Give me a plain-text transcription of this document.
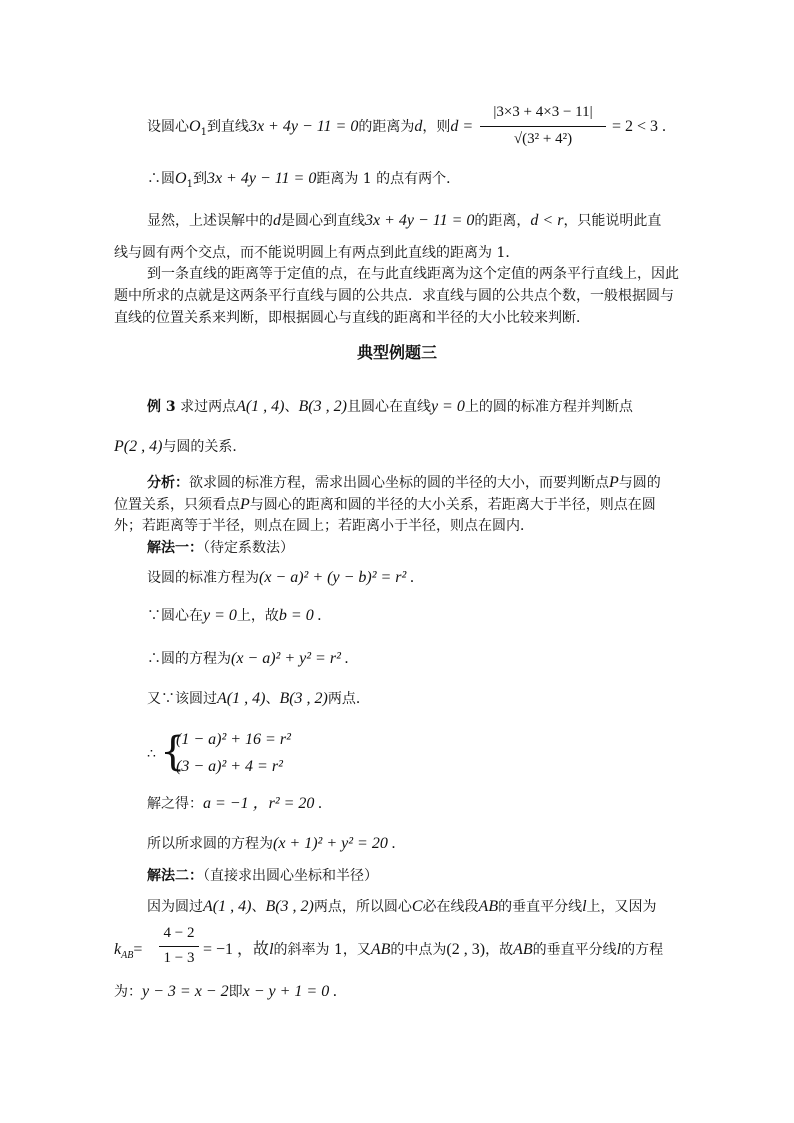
设圆心$O_1$到直线3x + 4y − 11 = 0的距离为d，则d =
|3×3 + 4×3 − 11|
√(3² + 4²)
= 2 < 3 .
∴圆$O_1$到3x + 4y − 11 = 0距离为 1 的点有两个．
显然，上述误解中的d是圆心到直线3x + 4y − 11 = 0的距离，d < r，只能说明此直
线与圆有两个交点，而不能说明圆上有两点到此直线的距离为 1．
到一条直线的距离等于定值的点，在与此直线距离为这个定值的两条平行直线上，因此
题中所求的点就是这两条平行直线与圆的公共点．求直线与圆的公共点个数，一般根据圆与
直线的位置关系来判断，即根据圆心与直线的距离和半径的大小比较来判断．
典型例题三
例 3 求过两点A(1 , 4)、B(3 , 2)且圆心在直线y = 0上的圆的标准方程并判断点
P(2 , 4)与圆的关系．
分析：欲求圆的标准方程，需求出圆心坐标的圆的半径的大小，而要判断点P与圆的
位置关系，只须看点P与圆心的距离和圆的半径的大小关系，若距离大于半径，则点在圆
外；若距离等于半径，则点在圆上；若距离小于半径，则点在圆内．
解法一：（待定系数法）
设圆的标准方程为(x − a)² + (y − b)² = r² .
∵圆心在y = 0上，故b = 0 .
∴圆的方程为(x − a)² + y² = r² .
又∵该圆过A(1 , 4)、B(3 , 2)两点．
∴ {
(1 − a)² + 16 = r²
(3 − a)² + 4 = r²
解之得：a = −1 ，r² = 20 .
所以所求圆的方程为(x + 1)² + y² = 20 .
解法二：（直接求出圆心坐标和半径）
因为圆过A(1 , 4)、B(3 , 2)两点，所以圆心C必在线段AB的垂直平分线l上，又因为
$k_{AB}=$
4 − 2
1 − 3 = −1 ，故l的斜率为 1，又AB的中点为(2 , 3)，故AB的垂直平分线l的方程
为：y − 3 = x − 2即x − y + 1 = 0 .
